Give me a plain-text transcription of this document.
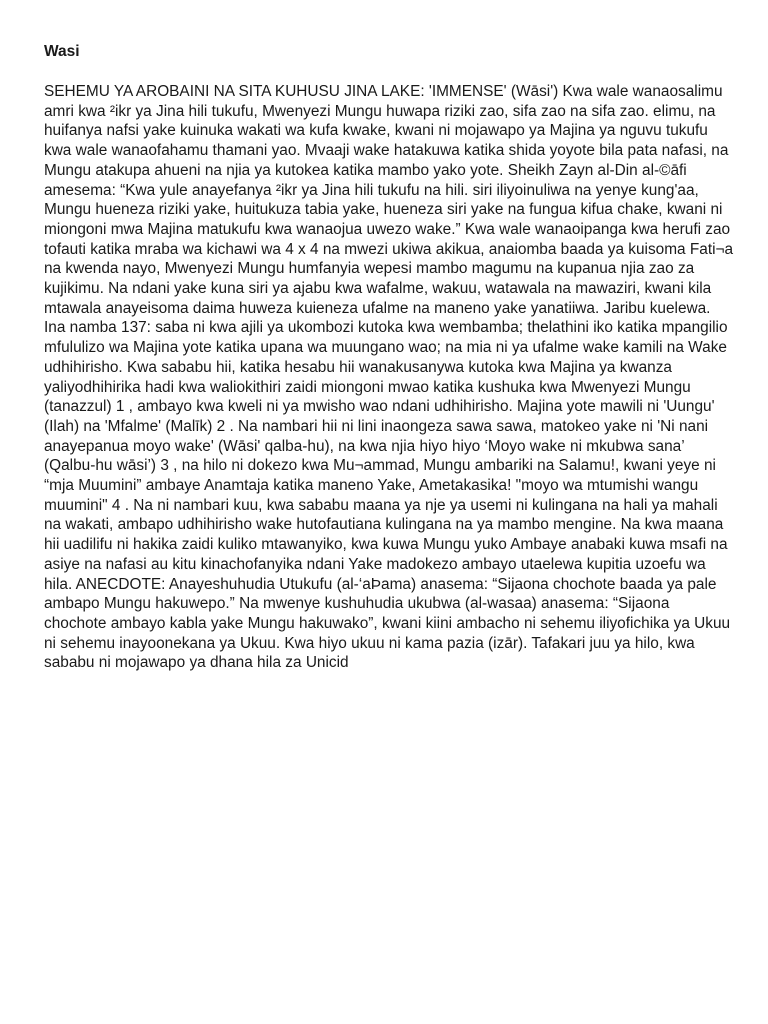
Wasi

SEHEMU YA AROBAINI NA SITA KUHUSU JINA LAKE: 'IMMENSE' (Wāsi') Kwa wale wanaosalimu amri kwa ²ikr ya Jina hili tukufu, Mwenyezi Mungu huwapa riziki zao, sifa zao na sifa zao. elimu, na huifanya nafsi yake kuinuka wakati wa kufa kwake, kwani ni mojawapo ya Majina ya nguvu tukufu kwa wale wanaofahamu thamani yao. Mvaaji wake hatakuwa katika shida yoyote bila pata nafasi, na Mungu atakupa ahueni na njia ya kutokea katika mambo yako yote. Sheikh Zayn al-Din al-©āfi amesema: “Kwa yule anayefanya ²ikr ya Jina hili tukufu na hili. siri iliyoinuliwa na yenye kung'aa, Mungu hueneza riziki yake, huitukuza tabia yake, hueneza siri yake na fungua kifua chake, kwani ni miongoni mwa Majina matukufu kwa wanaojua uwezo wake.” Kwa wale wanaoipanga kwa herufi zao tofauti katika mraba wa kichawi wa 4 x 4 na mwezi ukiwa akikua, anaiomba baada ya kuisoma Fati¬a na kwenda nayo, Mwenyezi Mungu humfanyia wepesi mambo magumu na kupanua njia zao za kujikimu. Na ndani yake kuna siri ya ajabu kwa wafalme, wakuu, watawala na mawaziri, kwani kila mtawala anayeisoma daima huweza kuieneza ufalme na maneno yake yanatiiwa. Jaribu kuelewa. Ina namba 137: saba ni kwa ajili ya ukombozi kutoka kwa wembamba; thelathini iko katika mpangilio mfululizo wa Majina yote katika upana wa muungano wao; na mia ni ya ufalme wake kamili na Wake udhihirisho. Kwa sababu hii, katika hesabu hii wanakusanywa kutoka kwa Majina ya kwanza yaliyodhihirika hadi kwa waliokithiri zaidi miongoni mwao katika kushuka kwa Mwenyezi Mungu (tanazzul) 1 , ambayo kwa kweli ni ya mwisho wao ndani udhihirisho. Majina yote mawili ni 'Uungu' (Ilah) na 'Mfalme' (Malīk) 2 . Na nambari hii ni lini inaongeza sawa sawa, matokeo yake ni 'Ni nani anayepanua moyo wake' (Wāsi' qalba-hu), na kwa njia hiyo hiyo ‘Moyo wake ni mkubwa sana’ (Qalbu-hu wāsi’) 3 , na hilo ni dokezo kwa Mu¬ammad, Mungu ambariki na Salamu!, kwani yeye ni “mja Muumini” ambaye Anamtaja katika maneno Yake, Ametakasika! "moyo wa mtumishi wangu muumini" 4 . Na ni nambari kuu, kwa sababu maana ya nje ya usemi ni kulingana na hali ya mahali na wakati, ambapo udhihirisho wake hutofautiana kulingana na ya mambo mengine. Na kwa maana hii uadilifu ni hakika zaidi kuliko mtawanyiko, kwa kuwa Mungu yuko Ambaye anabaki kuwa msafi na asiye na nafasi au kitu kinachofanyika ndani Yake madokezo ambayo utaelewa kupitia uzoefu wa hila. ANECDOTE: Anayeshuhudia Utukufu (al-‘aÞama) anasema: “Sijaona chochote baada ya pale ambapo Mungu hakuwepo.” Na mwenye kushuhudia ukubwa (al-wasaa) anasema: “Sijaona chochote ambayo kabla yake Mungu hakuwako”, kwani kiini ambacho ni sehemu iliyofichika ya Ukuu ni sehemu inayoonekana ya Ukuu. Kwa hiyo ukuu ni kama pazia (izār). Tafakari juu ya hilo, kwa sababu ni mojawapo ya dhana hila za Unicid
